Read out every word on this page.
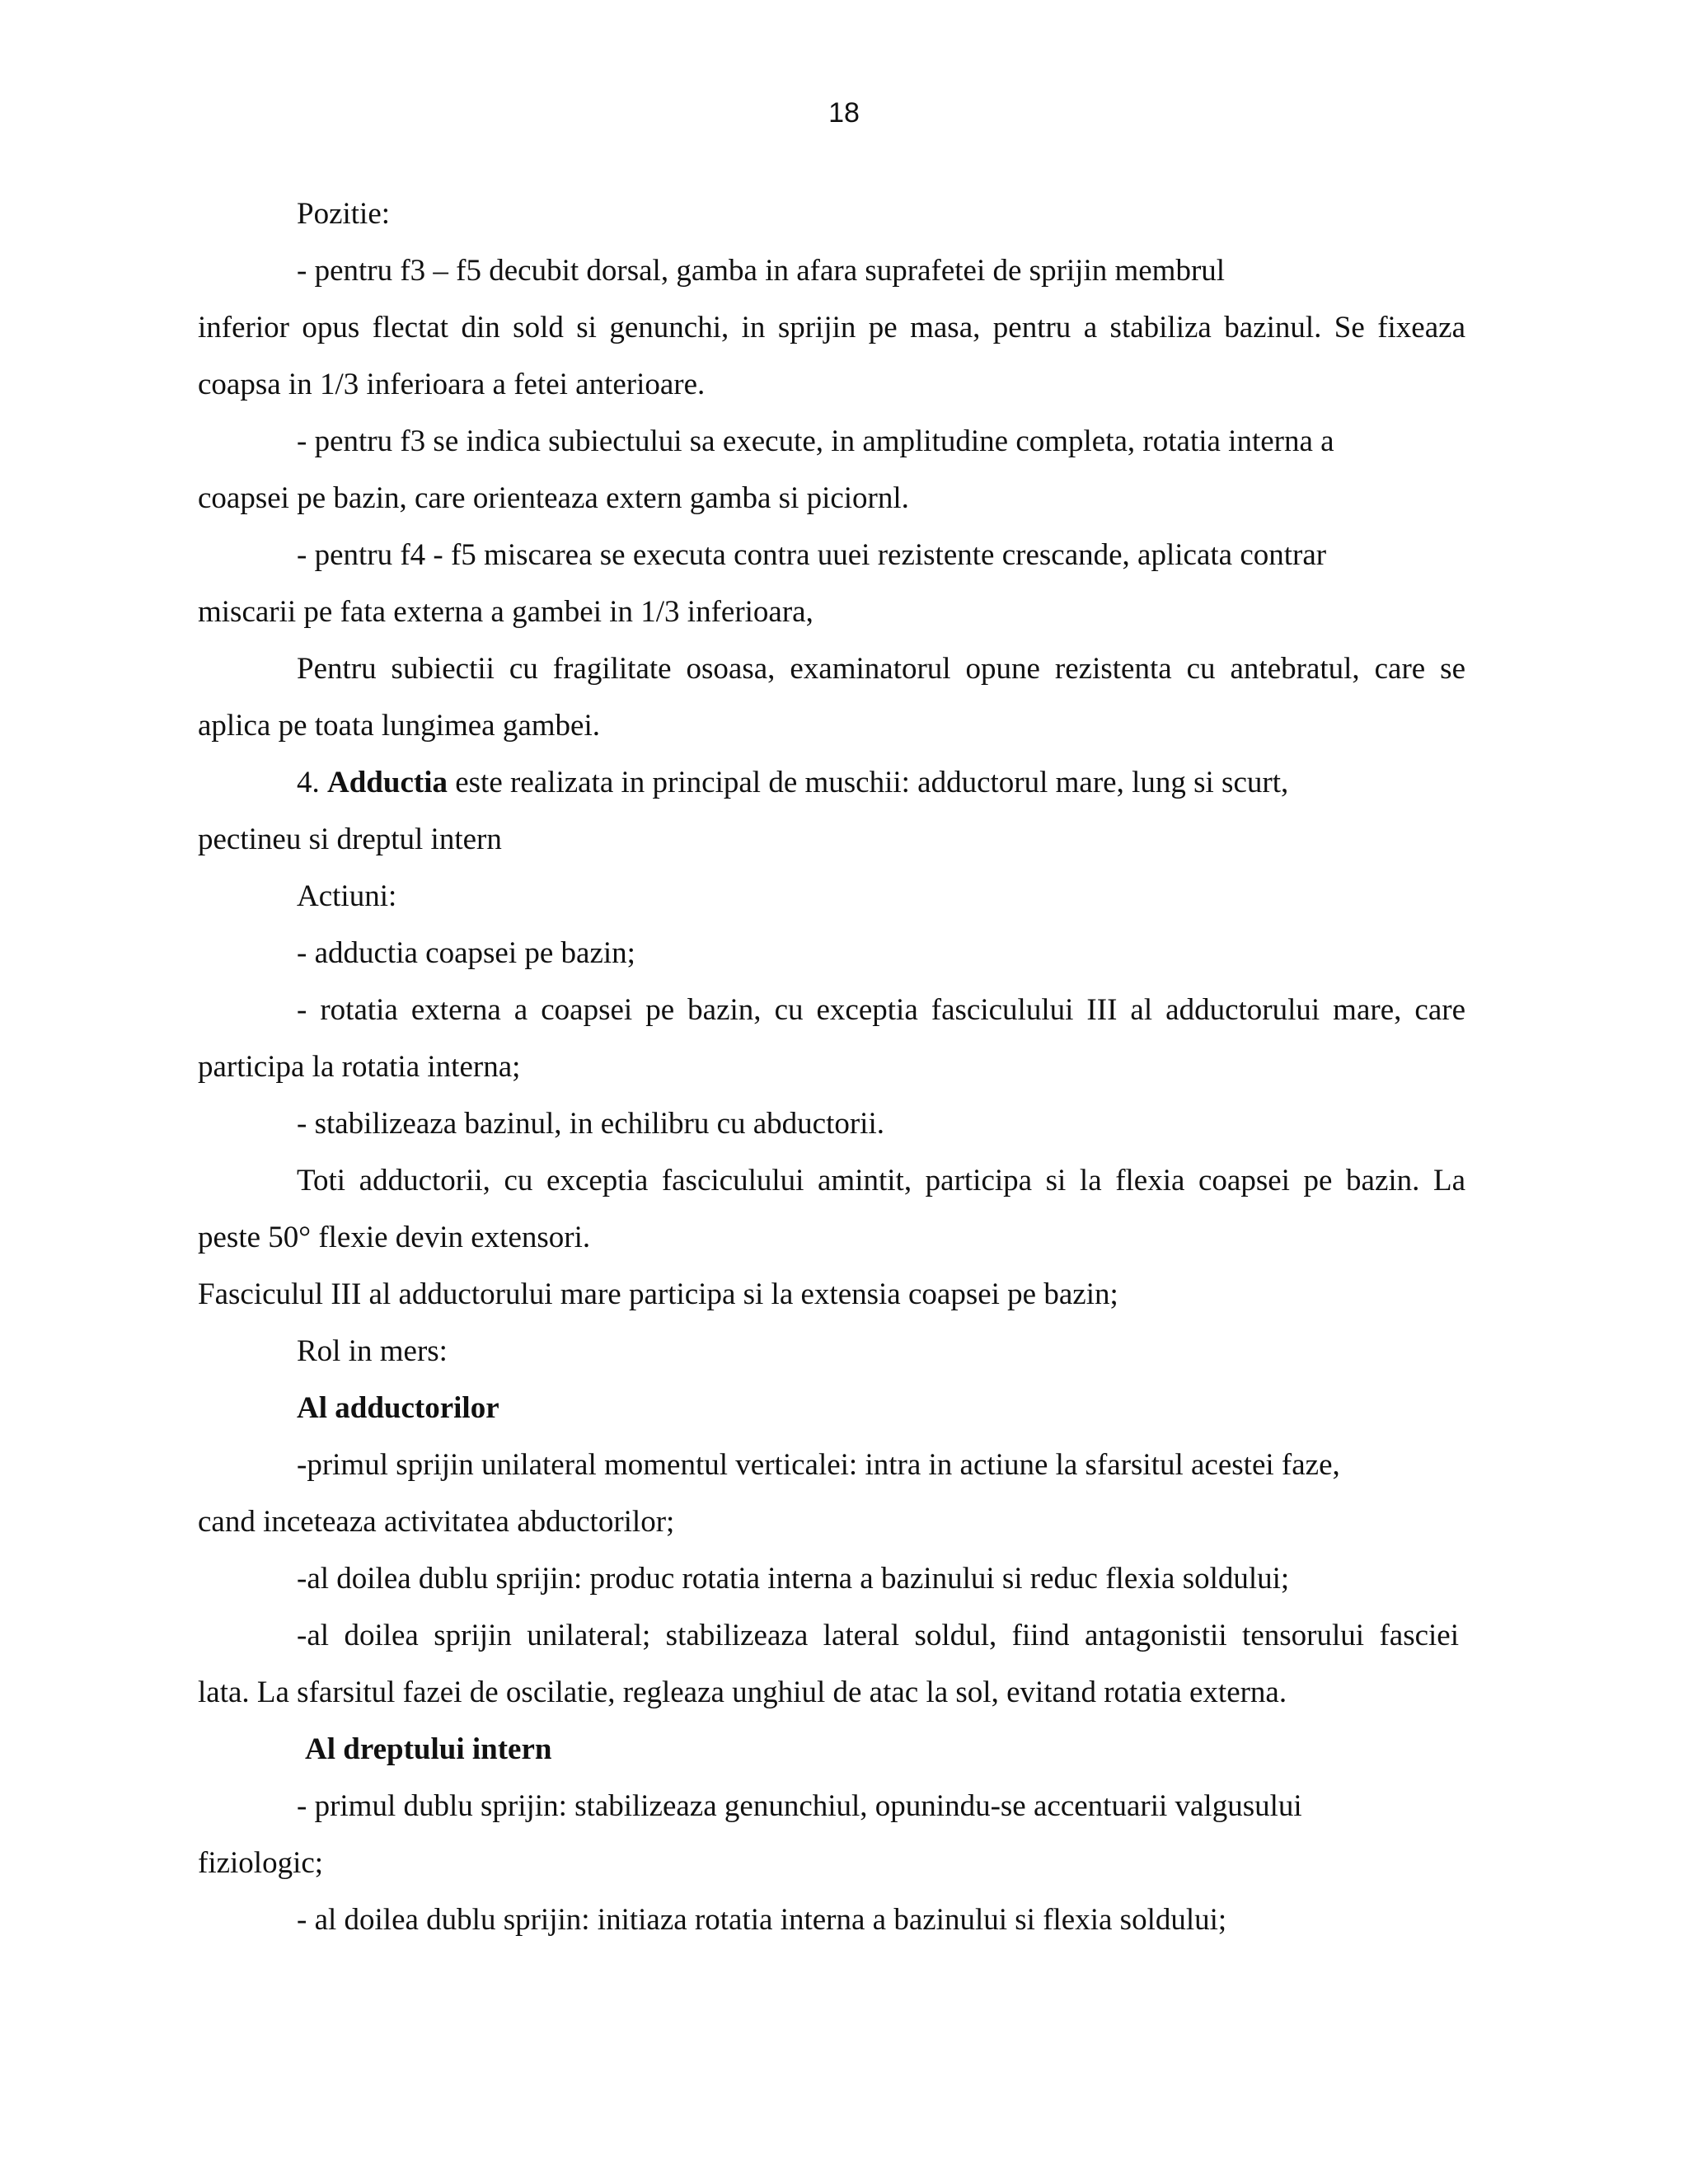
18
Pozitie:
- pentru f3 – f5 decubit dorsal, gamba in afara suprafetei de sprijin membrul
inferior opus flectat din sold si genunchi, in sprijin pe masa, pentru a stabiliza bazinul. Se fixeaza
coapsa in 1/3 inferioara a fetei anterioare.
- pentru f3 se indica subiectului sa execute, in amplitudine completa, rotatia interna a
coapsei pe bazin, care orienteaza extern gamba si piciornl.
- pentru f4 - f5 miscarea se executa contra uuei rezistente crescande, aplicata contrar
miscarii pe fata externa a gambei in 1/3 inferioara,
Pentru subiectii cu fragilitate osoasa, examinatorul opune rezistenta cu antebratul, care se
aplica pe toata lungimea gambei.
4. Adductia este realizata in principal de muschii: adductorul mare, lung si scurt,
pectineu si dreptul intern
Actiuni:
- adductia coapsei pe bazin;
- rotatia externa a coapsei pe bazin, cu exceptia fasciculului III al adductorului mare, care
participa la rotatia interna;
- stabilizeaza bazinul, in echilibru cu abductorii.
Toti adductorii, cu exceptia fasciculului amintit, participa si la flexia coapsei pe bazin. La
peste 50° flexie devin extensori.
Fasciculul III al adductorului mare participa si la extensia coapsei pe bazin;
Rol in mers:
Al adductorilor
-primul sprijin unilateral momentul verticalei: intra in actiune la sfarsitul acestei faze,
cand inceteaza activitatea abductorilor;
-al doilea dublu sprijin: produc rotatia interna a bazinului si reduc flexia soldului;
-al doilea sprijin unilateral; stabilizeaza lateral soldul, fiind antagonistii tensorului fasciei
lata. La sfarsitul fazei de oscilatie, regleaza unghiul de atac la sol, evitand rotatia externa.
Al dreptului intern
- primul dublu sprijin: stabilizeaza genunchiul, opunindu-se accentuarii valgusului
fiziologic;
- al doilea dublu sprijin: initiaza rotatia interna a bazinului si flexia soldului;
